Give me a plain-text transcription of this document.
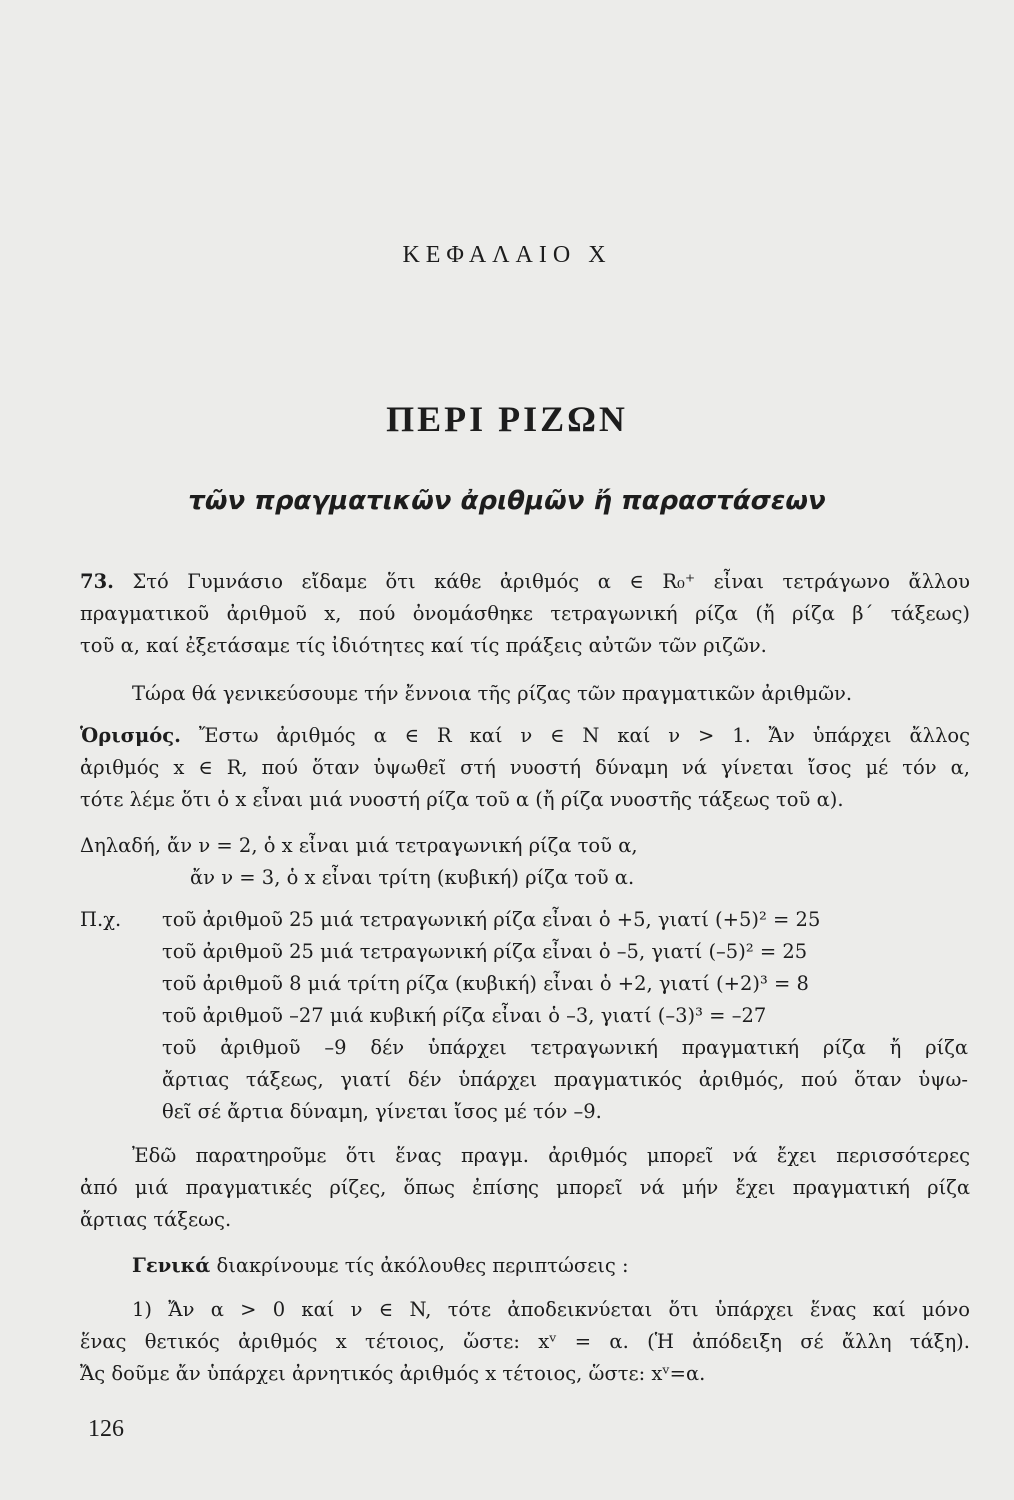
ΚΕΦΑΛΑΙΟ Χ
ΠΕΡΙ ΡΙΖΩΝ
τῶν πραγματικῶν ἀριθμῶν ἤ παραστάσεων
73. Στό Γυμνάσιο εἴδαμε ὅτι κάθε ἀριθμός α ∈ R₀⁺ εἶναι τετράγωνο ἄλλου
πραγματικοῦ ἀριθμοῦ x, πού ὀνομάσθηκε τετραγωνική ρίζα (ἤ ρίζα β΄ τάξεως)
τοῦ α, καί ἐξετάσαμε τίς ἰδιότητες καί τίς πράξεις αὐτῶν τῶν ριζῶν.
Τώρα θά γενικεύσουμε τήν ἔννοια τῆς ρίζας τῶν πραγματικῶν ἀριθμῶν.
Ὁρισμός. Ἔστω ἀριθμός α ∈ R καί ν ∈ N καί ν > 1. Ἄν ὑπάρχει ἄλλος
ἀριθμός x ∈ R, πού ὅταν ὑψωθεῖ στή νυοστή δύναμη νά γίνεται ἴσος μέ τόν α,
τότε λέμε ὅτι ὁ x εἶναι μιά νυοστή ρίζα τοῦ α (ἤ ρίζα νυοστῆς τάξεως τοῦ α).
Δηλαδή, ἄν ν = 2, ὁ x εἶναι μιά τετραγωνική ρίζα τοῦ α,
ἄν ν = 3, ὁ x εἶναι τρίτη (κυβική) ρίζα τοῦ α.
Π.χ. τοῦ ἀριθμοῦ 25 μιά τετραγωνική ρίζα εἶναι ὁ +5, γιατί (+5)² = 25
τοῦ ἀριθμοῦ 25 μιά τετραγωνική ρίζα εἶναι ὁ –5, γιατί (–5)² = 25
τοῦ ἀριθμοῦ 8 μιά τρίτη ρίζα (κυβική) εἶναι ὁ +2, γιατί (+2)³ = 8
τοῦ ἀριθμοῦ –27 μιά κυβική ρίζα εἶναι ὁ –3, γιατί (–3)³ = –27
τοῦ ἀριθμοῦ –9 δέν ὑπάρχει τετραγωνική πραγματική ρίζα ἤ ρίζα
ἄρτιας τάξεως, γιατί δέν ὑπάρχει πραγματικός ἀριθμός, πού ὅταν ὑψω-
θεῖ σέ ἄρτια δύναμη, γίνεται ἴσος μέ τόν –9.
Ἐδῶ παρατηροῦμε ὅτι ἕνας πραγμ. ἀριθμός μπορεῖ νά ἔχει περισσότερες
ἀπό μιά πραγματικές ρίζες, ὅπως ἐπίσης μπορεῖ νά μήν ἔχει πραγματική ρίζα
ἄρτιας τάξεως.
Γενικά διακρίνουμε τίς ἀκόλουθες περιπτώσεις :
1) Ἄν α > 0 καί ν ∈ N, τότε ἀποδεικνύεται ὅτι ὑπάρχει ἕνας καί μόνο
ἕνας θετικός ἀριθμός x τέτοιος, ὥστε: xᵛ = α. (Ἡ ἀπόδειξη σέ ἄλλη τάξη).
Ἄς δοῦμε ἄν ὑπάρχει ἀρνητικός ἀριθμός x τέτοιος, ὥστε: xᵛ=α.
126
